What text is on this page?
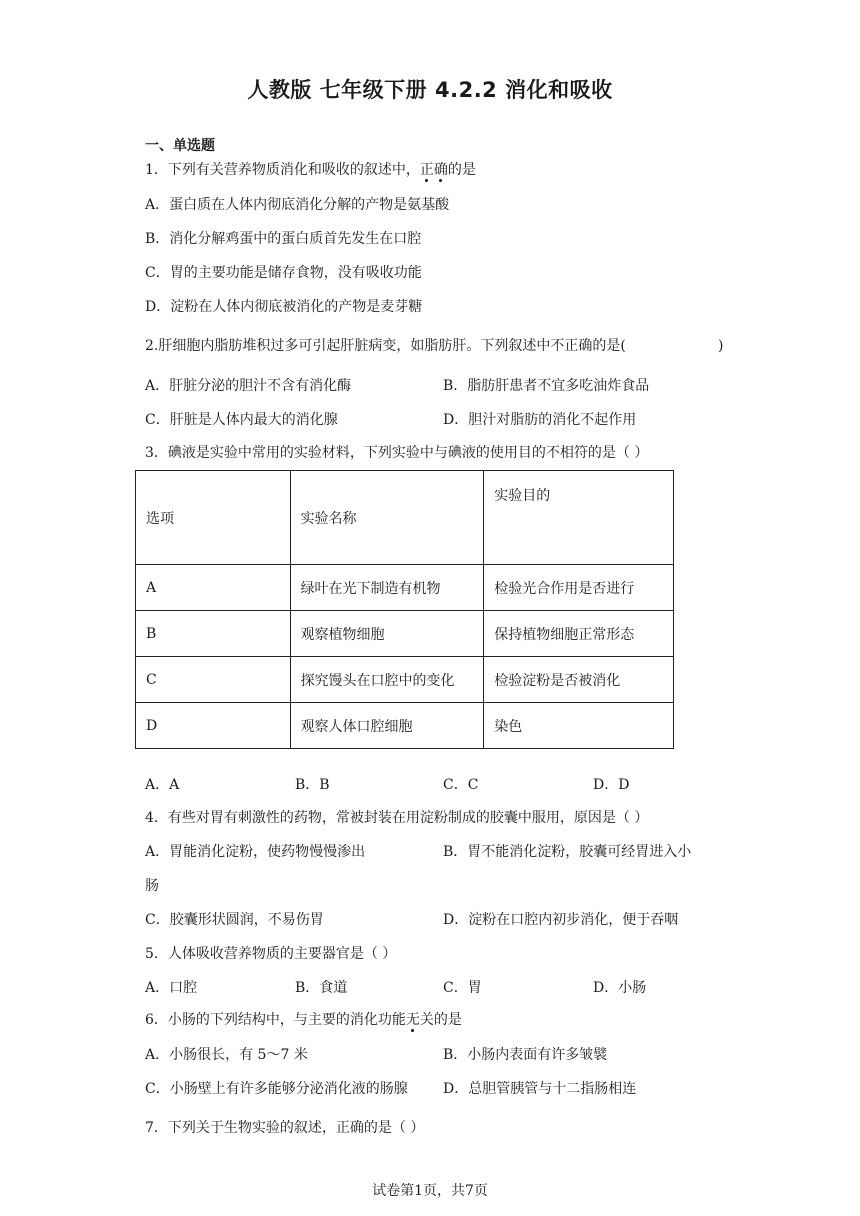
人教版 七年级下册 4.2.2 消化和吸收
一、单选题
1．下列有关营养物质消化和吸收的叙述中，正确的是
A．蛋白质在人体内彻底消化分解的产物是氨基酸
B．消化分解鸡蛋中的蛋白质首先发生在口腔
C．胃的主要功能是储存食物，没有吸收功能
D．淀粉在人体内彻底被消化的产物是麦芽糖
2.肝细胞内脂肪堆积过多可引起肝脏病变，如脂肪肝。下列叙述中不正确的是(	)
A．肝脏分泌的胆汁不含有消化酶	B．脂肪肝患者不宜多吃油炸食品
C．肝脏是人体内最大的消化腺	D．胆汁对脂肪的消化不起作用
3．碘液是实验中常用的实验材料，下列实验中与碘液的使用目的不相符的是（ ）
选项	实验名称	实验目的
A	绿叶在光下制造有机物	检验光合作用是否进行
B	观察植物细胞	保持植物细胞正常形态
C	探究馒头在口腔中的变化	检验淀粉是否被消化
D	观察人体口腔细胞	染色
A．A	B．B	C．C	D．D
4．有些对胃有刺激性的药物，常被封装在用淀粉制成的胶囊中服用，原因是（ ）
A．胃能消化淀粉，使药物慢慢渗出	B．胃不能消化淀粉，胶囊可经胃进入小
肠
C．胶囊形状圆润，不易伤胃	D．淀粉在口腔内初步消化，便于吞咽
5．人体吸收营养物质的主要器官是（ ）
A．口腔	B．食道	C．胃	D．小肠
6．小肠的下列结构中，与主要的消化功能无关的是
A．小肠很长，有 5～7 米	B．小肠内表面有许多皱襞
C．小肠壁上有许多能够分泌消化液的肠腺	D．总胆管胰管与十二指肠相连
7．下列关于生物实验的叙述，正确的是（ ）
试卷第1页，共7页
